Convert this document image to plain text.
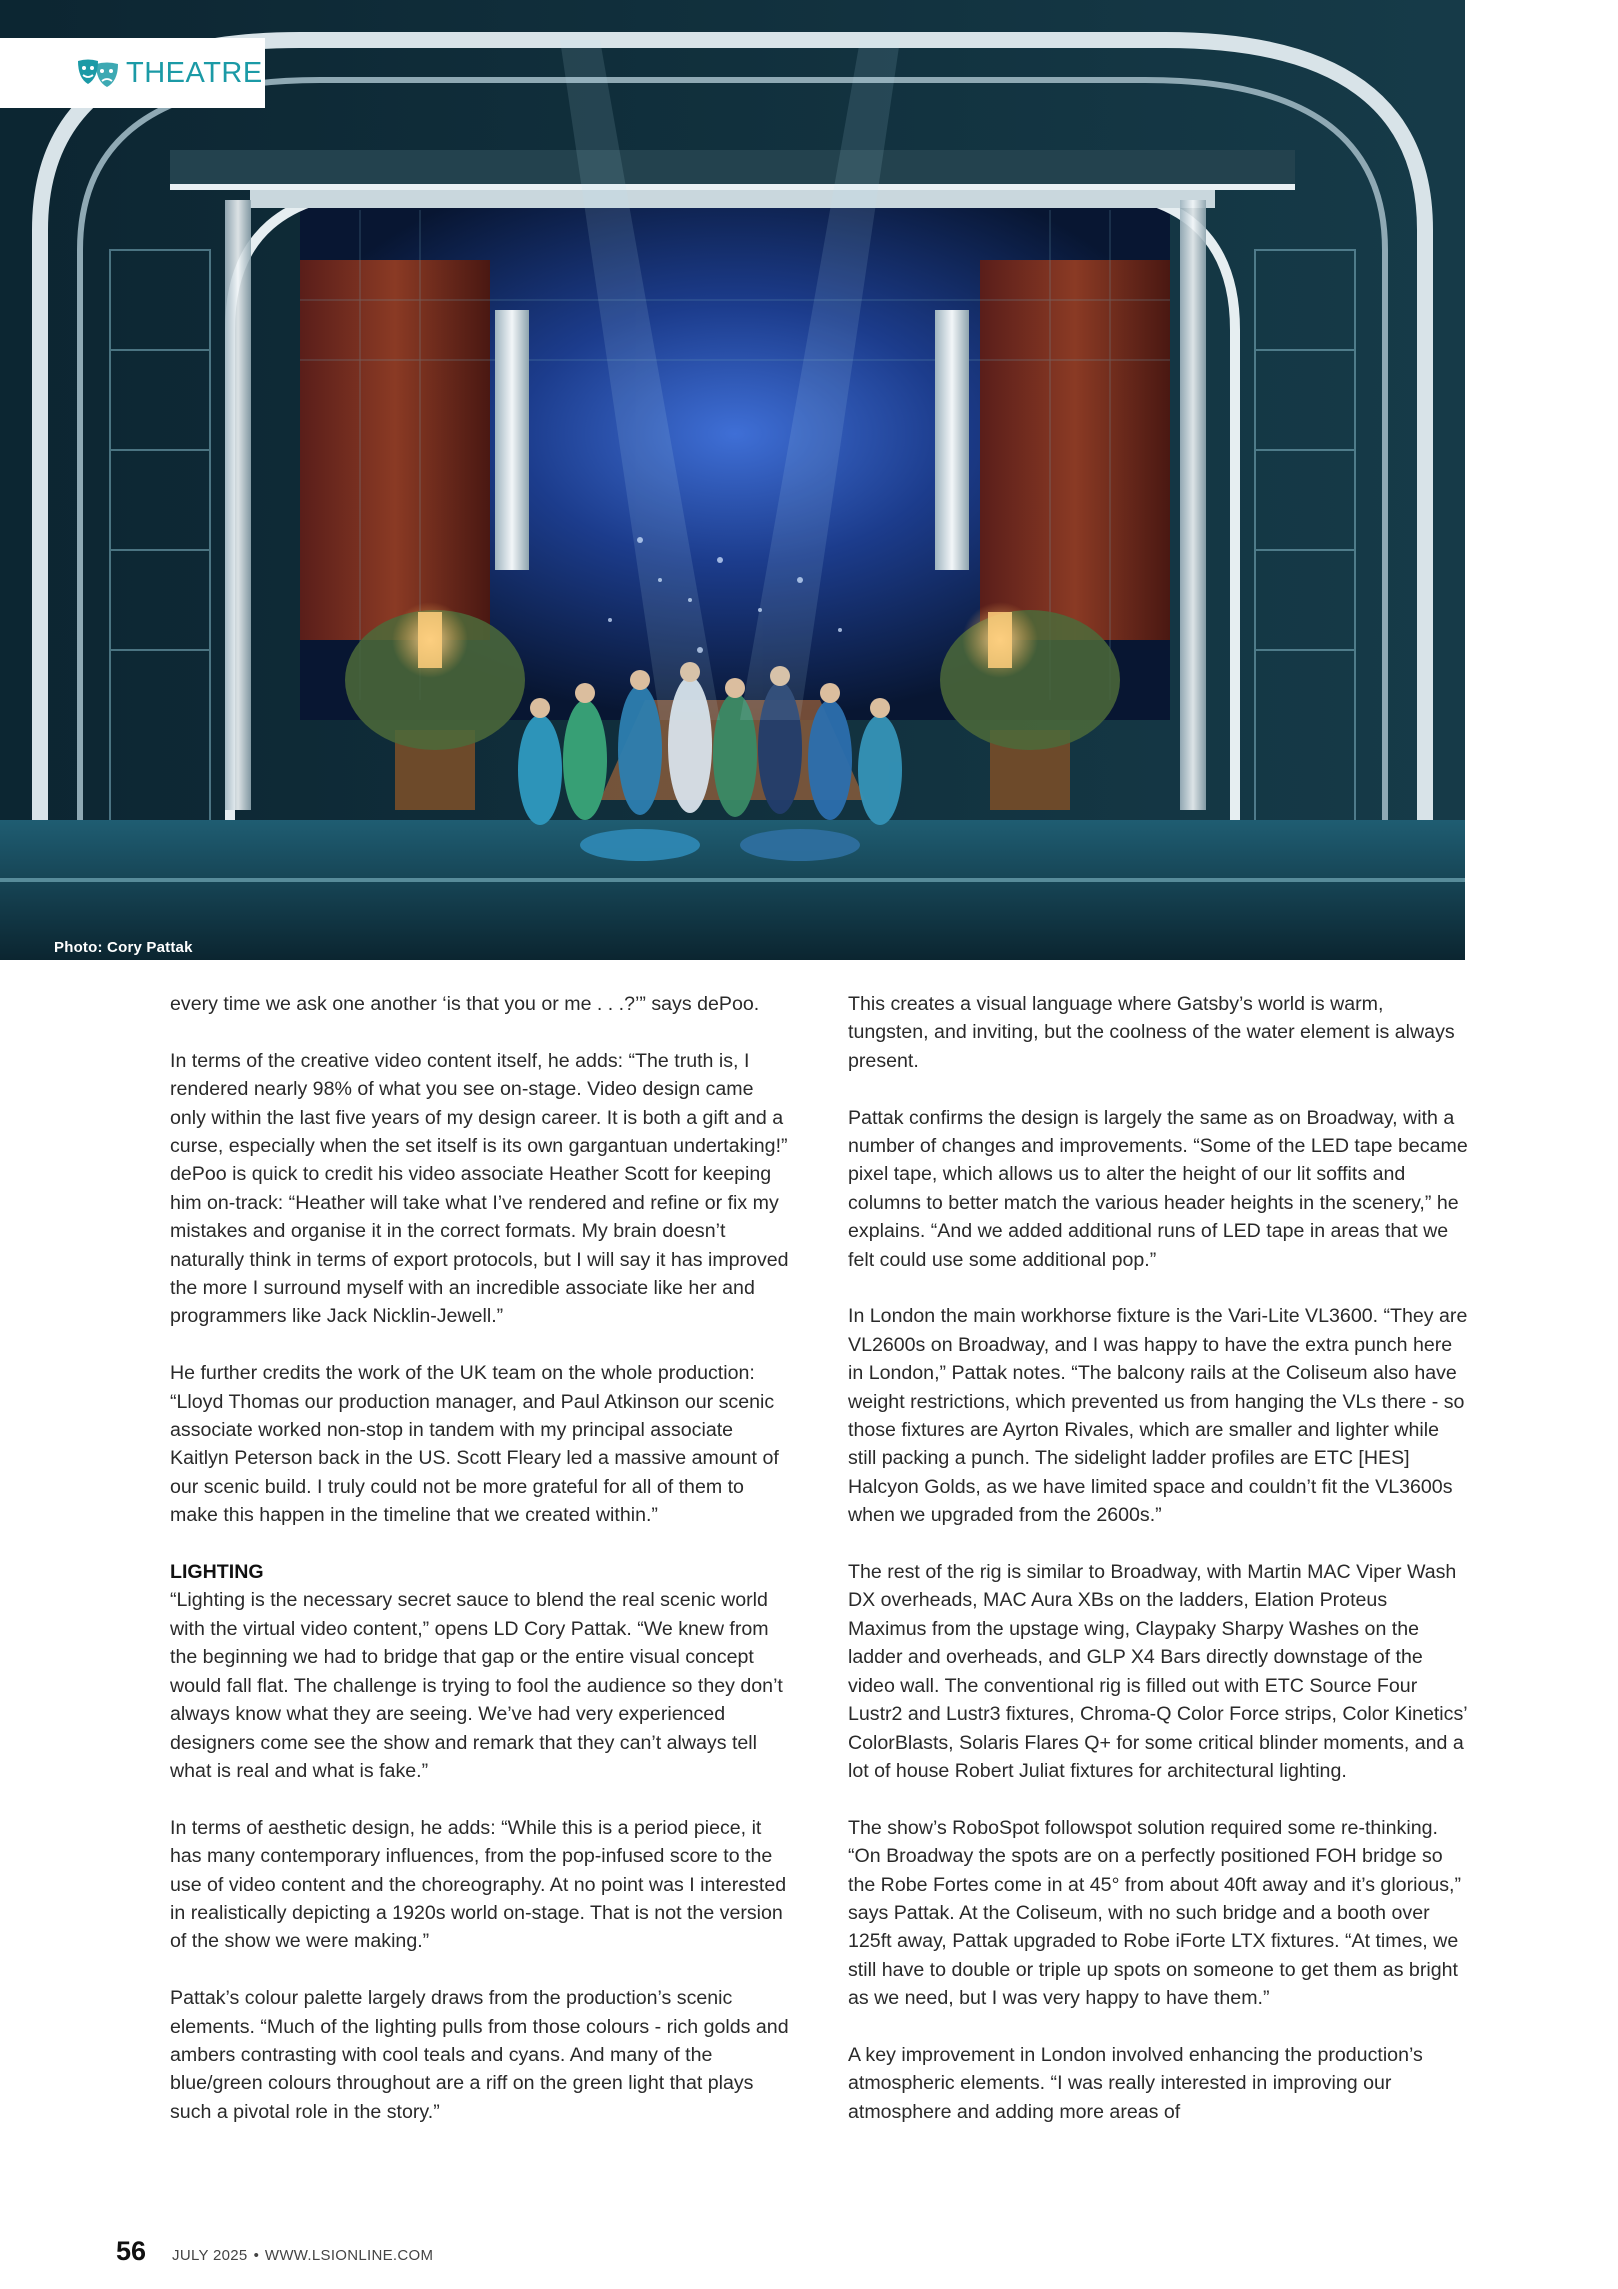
THEATRE
Photo: Cory Pattak

every time we ask one another ‘is that you or me . . .?’” says dePoo.

In terms of the creative video content itself, he adds: “The truth is, I rendered nearly 98% of what you see on-stage. Video design came only within the last five years of my design career. It is both a gift and a curse, especially when the set itself is its own gargantuan undertaking!” dePoo is quick to credit his video associate Heather Scott for keeping him on-track: “Heather will take what I’ve rendered and refine or fix my mistakes and organise it in the correct formats. My brain doesn’t naturally think in terms of export protocols, but I will say it has improved the more I surround myself with an incredible associate like her and programmers like Jack Nicklin-Jewell.”

He further credits the work of the UK team on the whole production: “Lloyd Thomas our production manager, and Paul Atkinson our scenic associate worked non-stop in tandem with my principal associate Kaitlyn Peterson back in the US. Scott Fleary led a massive amount of our scenic build. I truly could not be more grateful for all of them to make this happen in the timeline that we created within.”

LIGHTING

“Lighting is the necessary secret sauce to blend the real scenic world with the virtual video content,” opens LD Cory Pattak. “We knew from the beginning we had to bridge that gap or the entire visual concept would fall flat. The challenge is trying to fool the audience so they don’t always know what they are seeing. We’ve had very experienced designers come see the show and remark that they can’t always tell what is real and what is fake.”

In terms of aesthetic design, he adds: “While this is a period piece, it has many contemporary influences, from the pop-infused score to the use of video content and the choreography. At no point was I interested in realistically depicting a 1920s world on-stage. That is not the version of the show we were making.”

Pattak’s colour palette largely draws from the production’s scenic elements. “Much of the lighting pulls from those colours - rich golds and ambers contrasting with cool teals and cyans. And many of the blue/green colours throughout are a riff on the green light that plays such a pivotal role in the story.”

This creates a visual language where Gatsby’s world is warm, tungsten, and inviting, but the coolness of the water element is always present.

Pattak confirms the design is largely the same as on Broadway, with a number of changes and improvements. “Some of the LED tape became pixel tape, which allows us to alter the height of our lit soffits and columns to better match the various header heights in the scenery,” he explains. “And we added additional runs of LED tape in areas that we felt could use some additional pop.”

In London the main workhorse fixture is the Vari-Lite VL3600. “They are VL2600s on Broadway, and I was happy to have the extra punch here in London,” Pattak notes. “The balcony rails at the Coliseum also have weight restrictions, which prevented us from hanging the VLs there - so those fixtures are Ayrton Rivales, which are smaller and lighter while still packing a punch. The sidelight ladder profiles are ETC [HES] Halcyon Golds, as we have limited space and couldn’t fit the VL3600s when we upgraded from the 2600s.”

The rest of the rig is similar to Broadway, with Martin MAC Viper Wash DX overheads, MAC Aura XBs on the ladders, Elation Proteus Maximus from the upstage wing, Claypaky Sharpy Washes on the ladder and overheads, and GLP X4 Bars directly downstage of the video wall. The conventional rig is filled out with ETC Source Four Lustr2 and Lustr3 fixtures, Chroma-Q Color Force strips, Color Kinetics’ ColorBlasts, Solaris Flares Q+ for some critical blinder moments, and a lot of house Robert Juliat fixtures for architectural lighting.

The show’s RoboSpot followspot solution required some re-thinking. “On Broadway the spots are on a perfectly positioned FOH bridge so the Robe Fortes come in at 45° from about 40ft away and it’s glorious,” says Pattak. At the Coliseum, with no such bridge and a booth over 125ft away, Pattak upgraded to Robe iForte LTX fixtures. “At times, we still have to double or triple up spots on someone to get them as bright as we need, but I was very happy to have them.”

A key improvement in London involved enhancing the production’s atmospheric elements. “I was really interested in improving our atmosphere and adding more areas of

56 JULY 2025 • WWW.LSIONLINE.COM
